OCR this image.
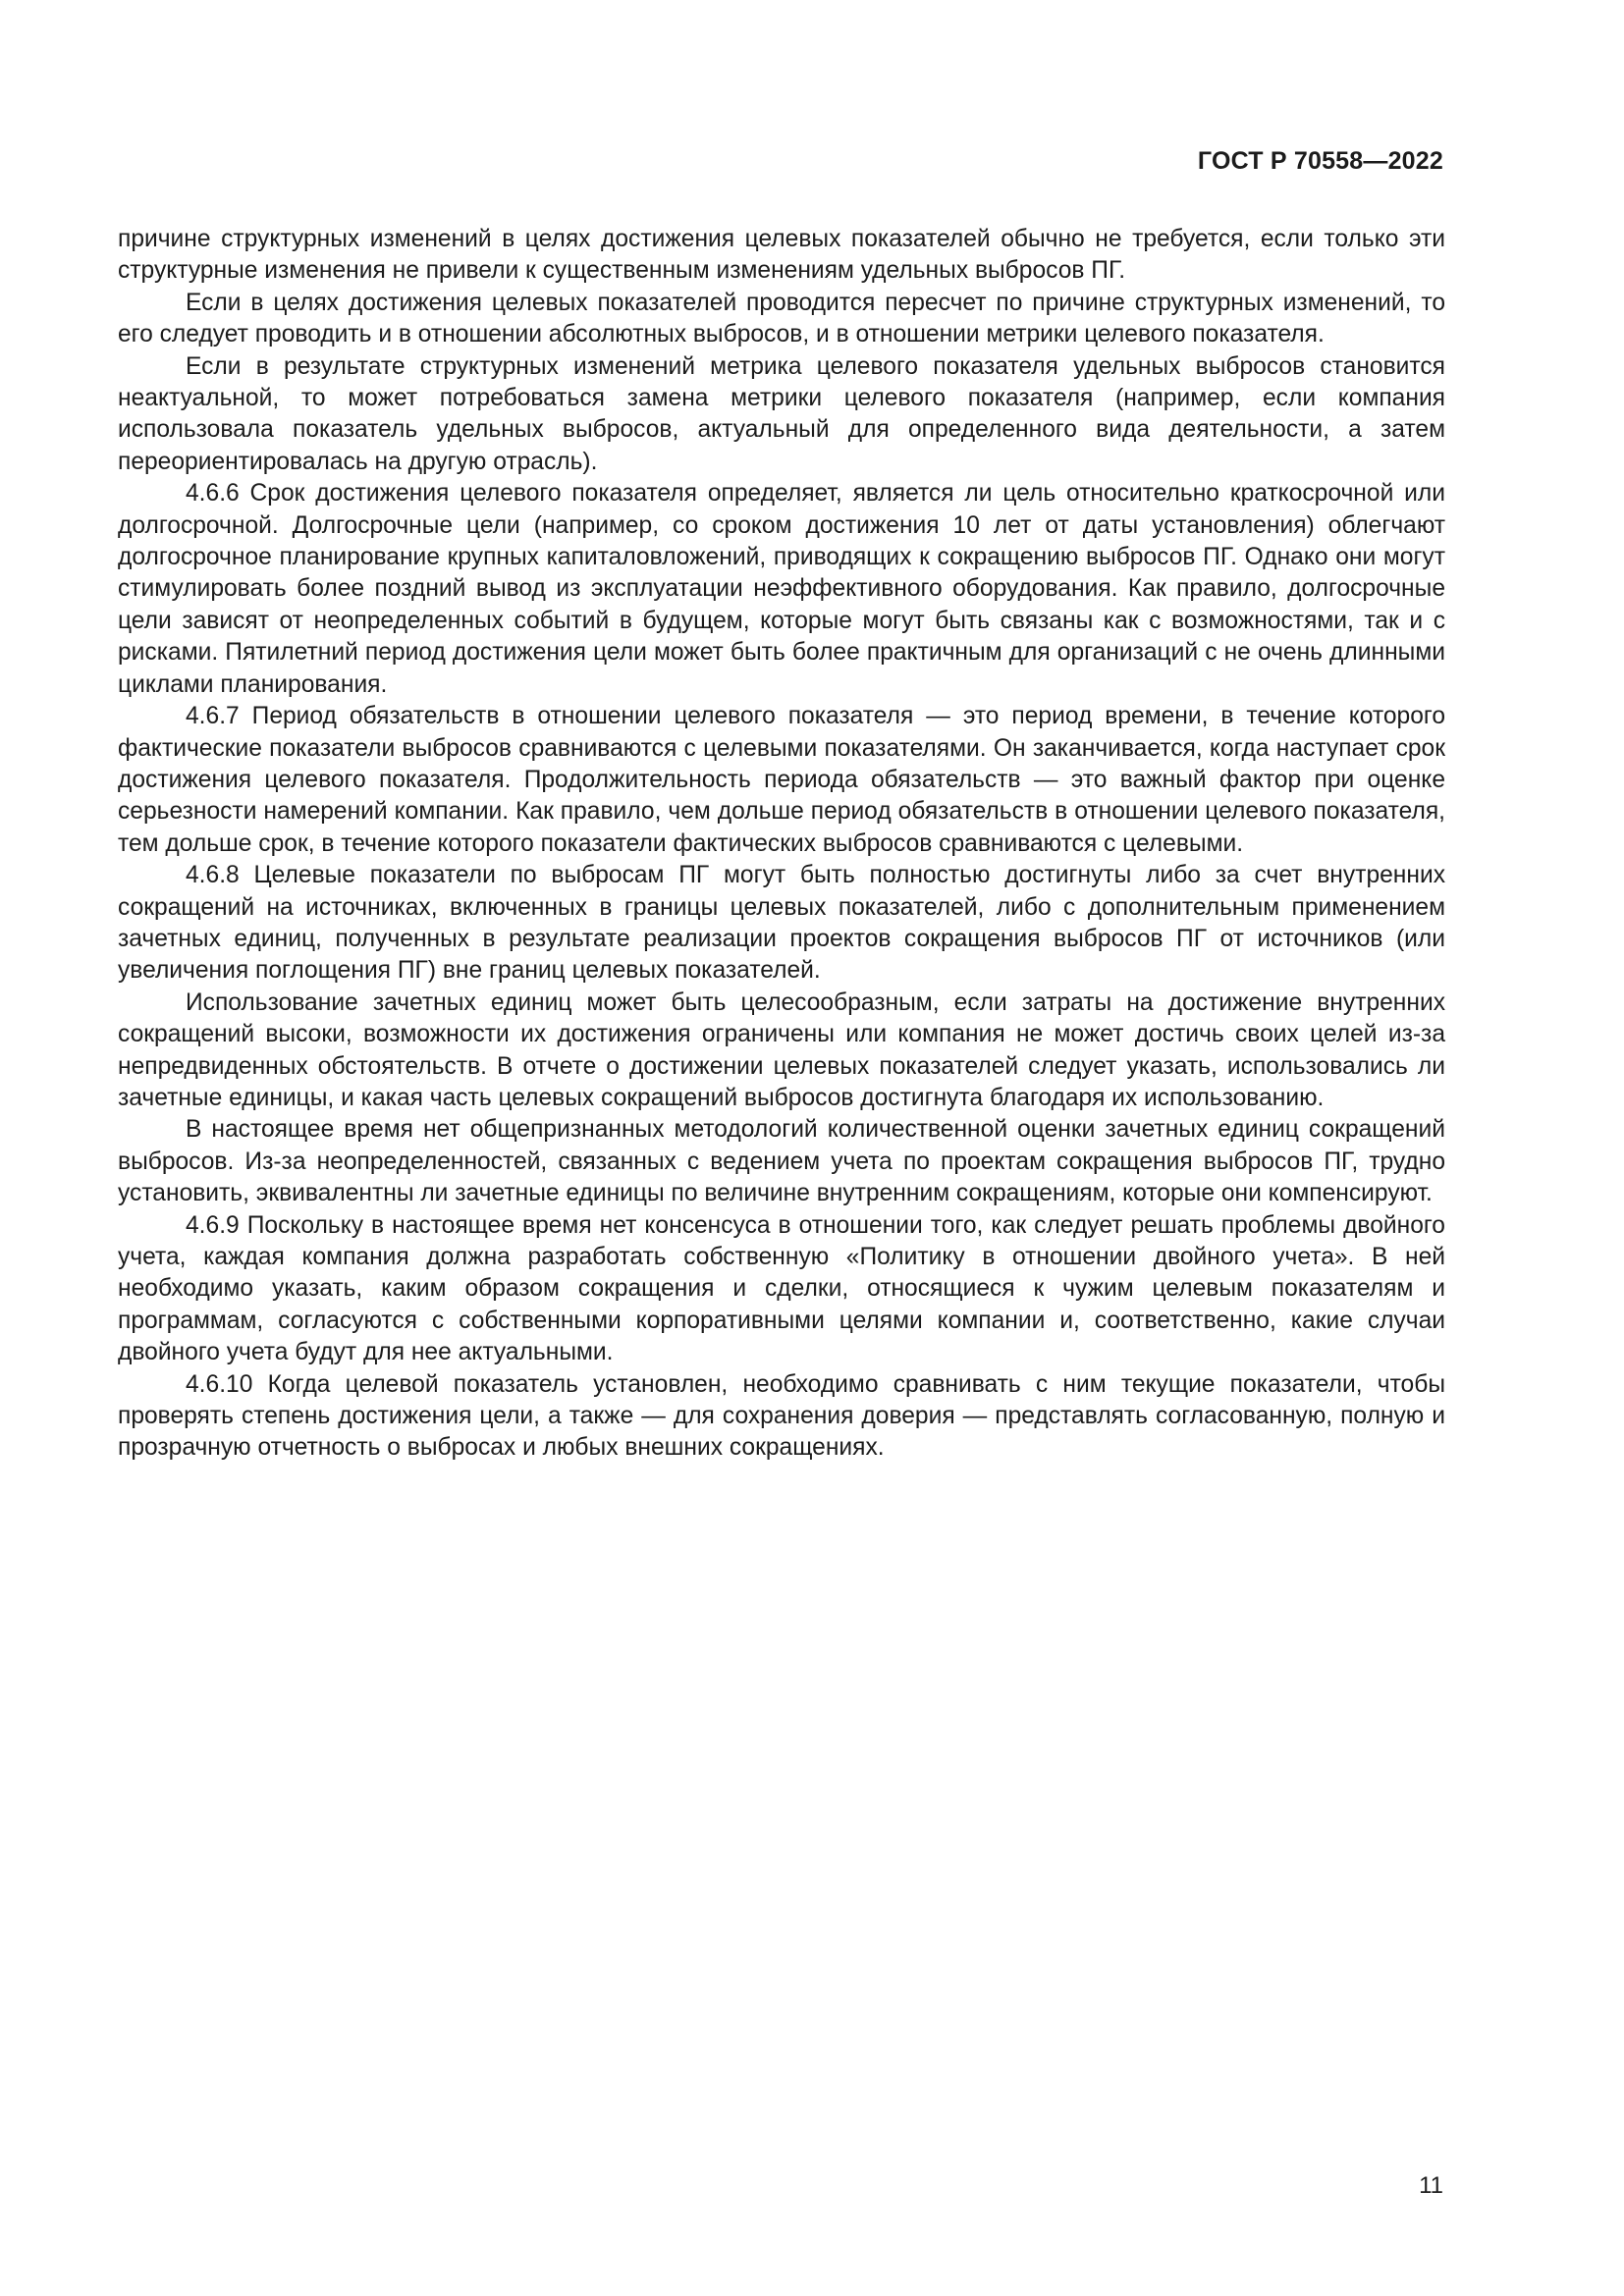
ГОСТ Р 70558—2022

причине структурных изменений в целях достижения целевых показателей обычно не требуется, если только эти структурные изменения не привели к существенным изменениям удельных выбросов ПГ.

Если в целях достижения целевых показателей проводится пересчет по причине структурных изменений, то его следует проводить и в отношении абсолютных выбросов, и в отношении метрики целевого показателя.

Если в результате структурных изменений метрика целевого показателя удельных выбросов становится неактуальной, то может потребоваться замена метрики целевого показателя (например, если компания использовала показатель удельных выбросов, актуальный для определенного вида деятельности, а затем переориентировалась на другую отрасль).

4.6.6 Срок достижения целевого показателя определяет, является ли цель относительно краткосрочной или долгосрочной. Долгосрочные цели (например, со сроком достижения 10 лет от даты установления) облегчают долгосрочное планирование крупных капиталовложений, приводящих к сокращению выбросов ПГ. Однако они могут стимулировать более поздний вывод из эксплуатации неэффективного оборудования. Как правило, долгосрочные цели зависят от неопределенных событий в будущем, которые могут быть связаны как с возможностями, так и с рисками. Пятилетний период достижения цели может быть более практичным для организаций с не очень длинными циклами планирования.

4.6.7 Период обязательств в отношении целевого показателя — это период времени, в течение которого фактические показатели выбросов сравниваются с целевыми показателями. Он заканчивается, когда наступает срок достижения целевого показателя. Продолжительность периода обязательств — это важный фактор при оценке серьезности намерений компании. Как правило, чем дольше период обязательств в отношении целевого показателя, тем дольше срок, в течение которого показатели фактических выбросов сравниваются с целевыми.

4.6.8 Целевые показатели по выбросам ПГ могут быть полностью достигнуты либо за счет внутренних сокращений на источниках, включенных в границы целевых показателей, либо с дополнительным применением зачетных единиц, полученных в результате реализации проектов сокращения выбросов ПГ от источников (или увеличения поглощения ПГ) вне границ целевых показателей.

Использование зачетных единиц может быть целесообразным, если затраты на достижение внутренних сокращений высоки, возможности их достижения ограничены или компания не может достичь своих целей из-за непредвиденных обстоятельств. В отчете о достижении целевых показателей следует указать, использовались ли зачетные единицы, и какая часть целевых сокращений выбросов достигнута благодаря их использованию.

В настоящее время нет общепризнанных методологий количественной оценки зачетных единиц сокращений выбросов. Из-за неопределенностей, связанных с ведением учета по проектам сокращения выбросов ПГ, трудно установить, эквивалентны ли зачетные единицы по величине внутренним сокращениям, которые они компенсируют.

4.6.9 Поскольку в настоящее время нет консенсуса в отношении того, как следует решать проблемы двойного учета, каждая компания должна разработать собственную «Политику в отношении двойного учета». В ней необходимо указать, каким образом сокращения и сделки, относящиеся к чужим целевым показателям и программам, согласуются с собственными корпоративными целями компании и, соответственно, какие случаи двойного учета будут для нее актуальными.

4.6.10 Когда целевой показатель установлен, необходимо сравнивать с ним текущие показатели, чтобы проверять степень достижения цели, а также — для сохранения доверия — представлять согласованную, полную и прозрачную отчетность о выбросах и любых внешних сокращениях.

11
